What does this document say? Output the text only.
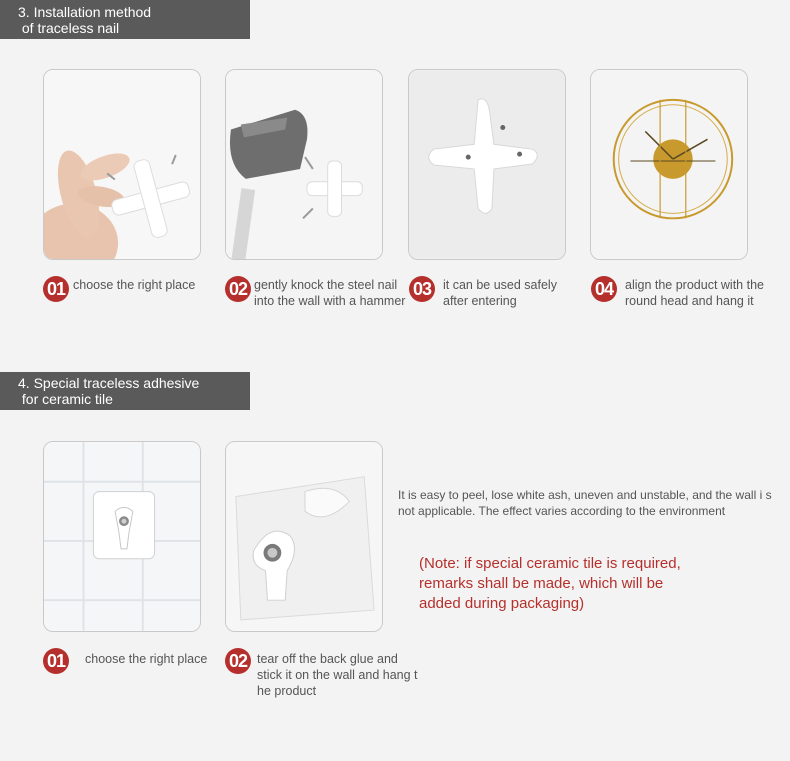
3. Installation method
of traceless nail
01 choose the right place	02 gently knock the steel nail into the wall with a hammer
03 it can be used safely after entering
04 align the product with the round head and hang it
4. Special traceless adhesive
for ceramic tile
01	choose the right place	02 tear off the back glue and stick it on the wall and hang t he product
It is easy to peel, lose white ash, uneven and unstable, and the wall i s not applicable. The effect varies according to the environment
(Note: if special ceramic tile is required,
remarks shall be made, which will be
added during packaging)
